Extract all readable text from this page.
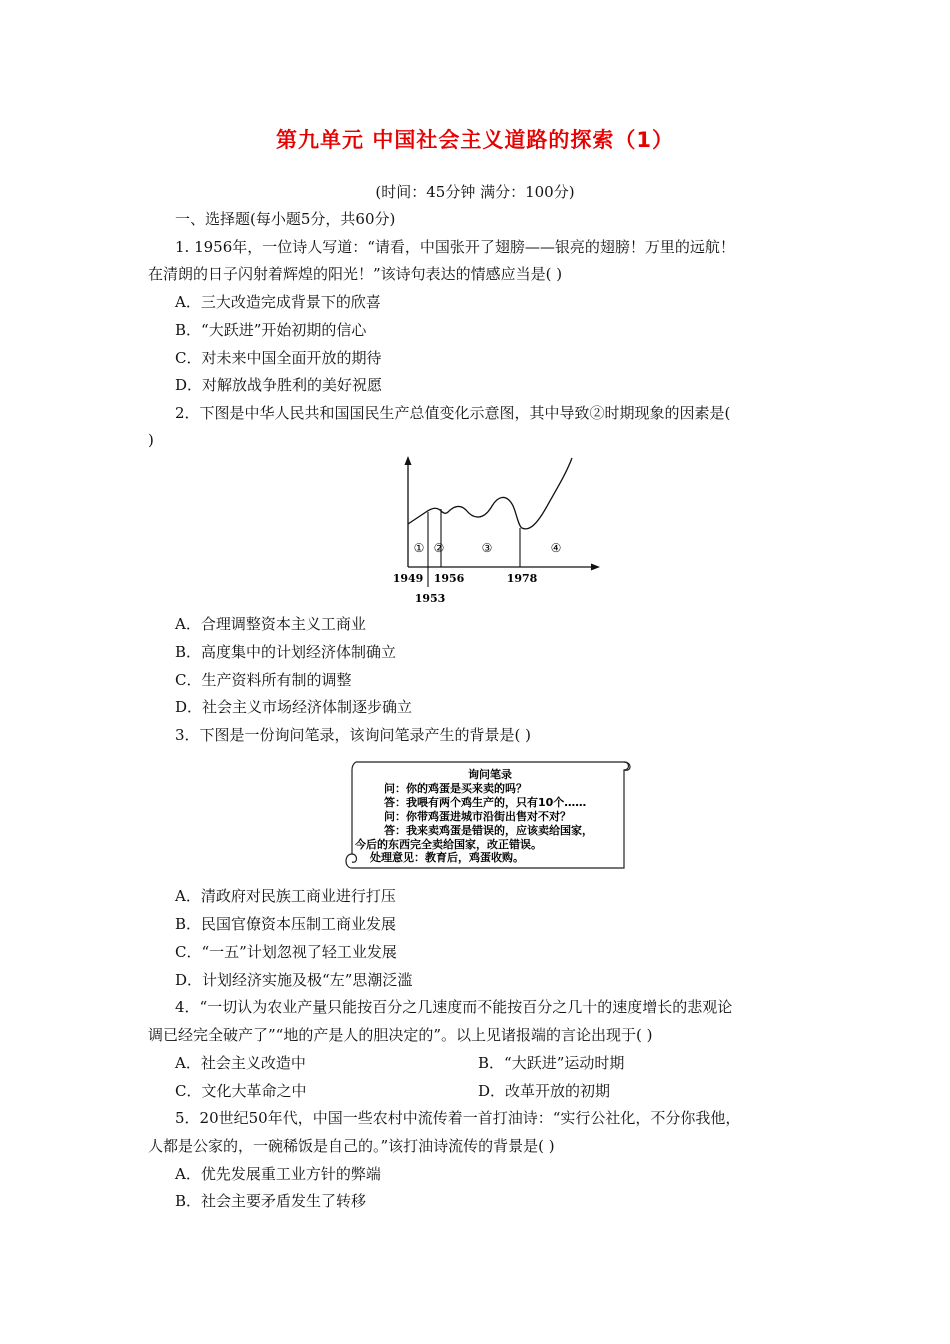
第九单元 中国社会主义道路的探索（1）
(时间：45分钟 满分：100分)
一、选择题(每小题5分，共60分)
1. 1956年，一位诗人写道：“请看，中国张开了翅膀——银亮的翅膀！万里的远航！
在清朗的日子闪射着辉煌的阳光！”该诗句表达的情感应当是( )
A．三大改造完成背景下的欣喜
B．“大跃进”开始初期的信心
C．对未来中国全面开放的期待
D．对解放战争胜利的美好祝愿
2．下图是中华人民共和国国民生产总值变化示意图，其中导致②时期现象的因素是(
)
① ②	③	④
1949
1953
1956	1978
A．合理调整资本主义工商业
B．高度集中的计划经济体制确立
C．生产资料所有制的调整
D．社会主义市场经济体制逐步确立
3．下图是一份询问笔录，该询问笔录产生的背景是( )
询问笔录
问：你的鸡蛋是买来卖的吗？
答：我喂有两个鸡生产的，只有10个……
问：你带鸡蛋进城市沿街出售对不对？
答：我来卖鸡蛋是错误的，应该卖给国家，
今后的东西完全卖给国家，改正错误。
处理意见：教育后，鸡蛋收购。
A．清政府对民族工商业进行打压
B．民国官僚资本压制工商业发展
C．“一五”计划忽视了轻工业发展
D．计划经济实施及极“左”思潮泛滥
4．“一切认为农业产量只能按百分之几速度而不能按百分之几十的速度增长的悲观论
调已经完全破产了”“地的产是人的胆决定的”。以上见诸报端的言论出现于( )
A．社会主义改造中	B．“大跃进”运动时期
C．文化大革命之中	D．改革开放的初期
5．20世纪50年代，中国一些农村中流传着一首打油诗：“实行公社化，不分你我他，
人都是公家的，一碗稀饭是自己的。”该打油诗流传的背景是( )
A．优先发展重工业方针的弊端
B．社会主要矛盾发生了转移
